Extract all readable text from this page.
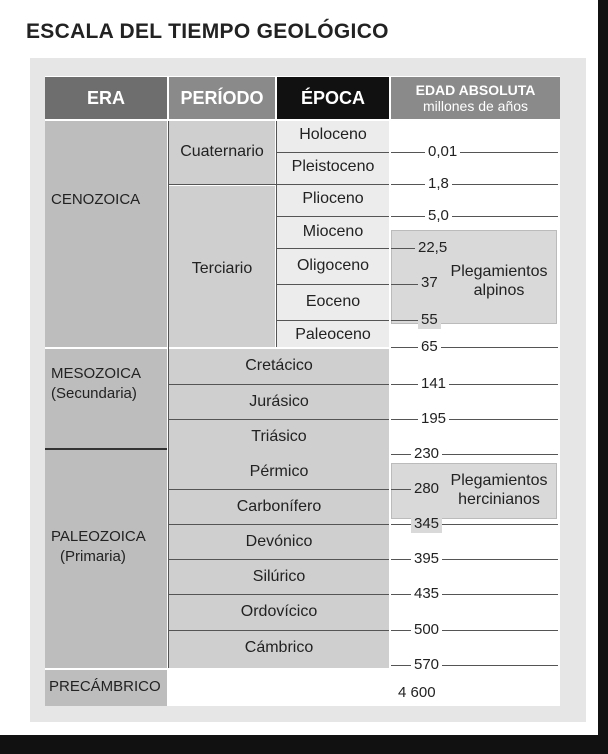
ESCALA DEL TIEMPO GEOLÓGICO
ERA	PERÍODO ÉPOCA	EDAD ABSOLUTA
millones de años
CENOZOICA
MESOZOICA
(Secundaria)
PALEOZOICA
(Primaria)
PRECÁMBRICO
Cuaternario
Terciario
Cretácico
Jurásico
Triásico
Pérmico
Carbonífero
Devónico
Silúrico
Ordovícico
Cámbrico
Holoceno
Pleistoceno
Plioceno
Mioceno
Oligoceno
Eoceno
Paleoceno
0,01
1,8
5,0
22,5
37
55
65
141
195
230
280
345
395
435
500
570
4 600
Plegamientos
alpinos
Plegamientos
hercinianos
